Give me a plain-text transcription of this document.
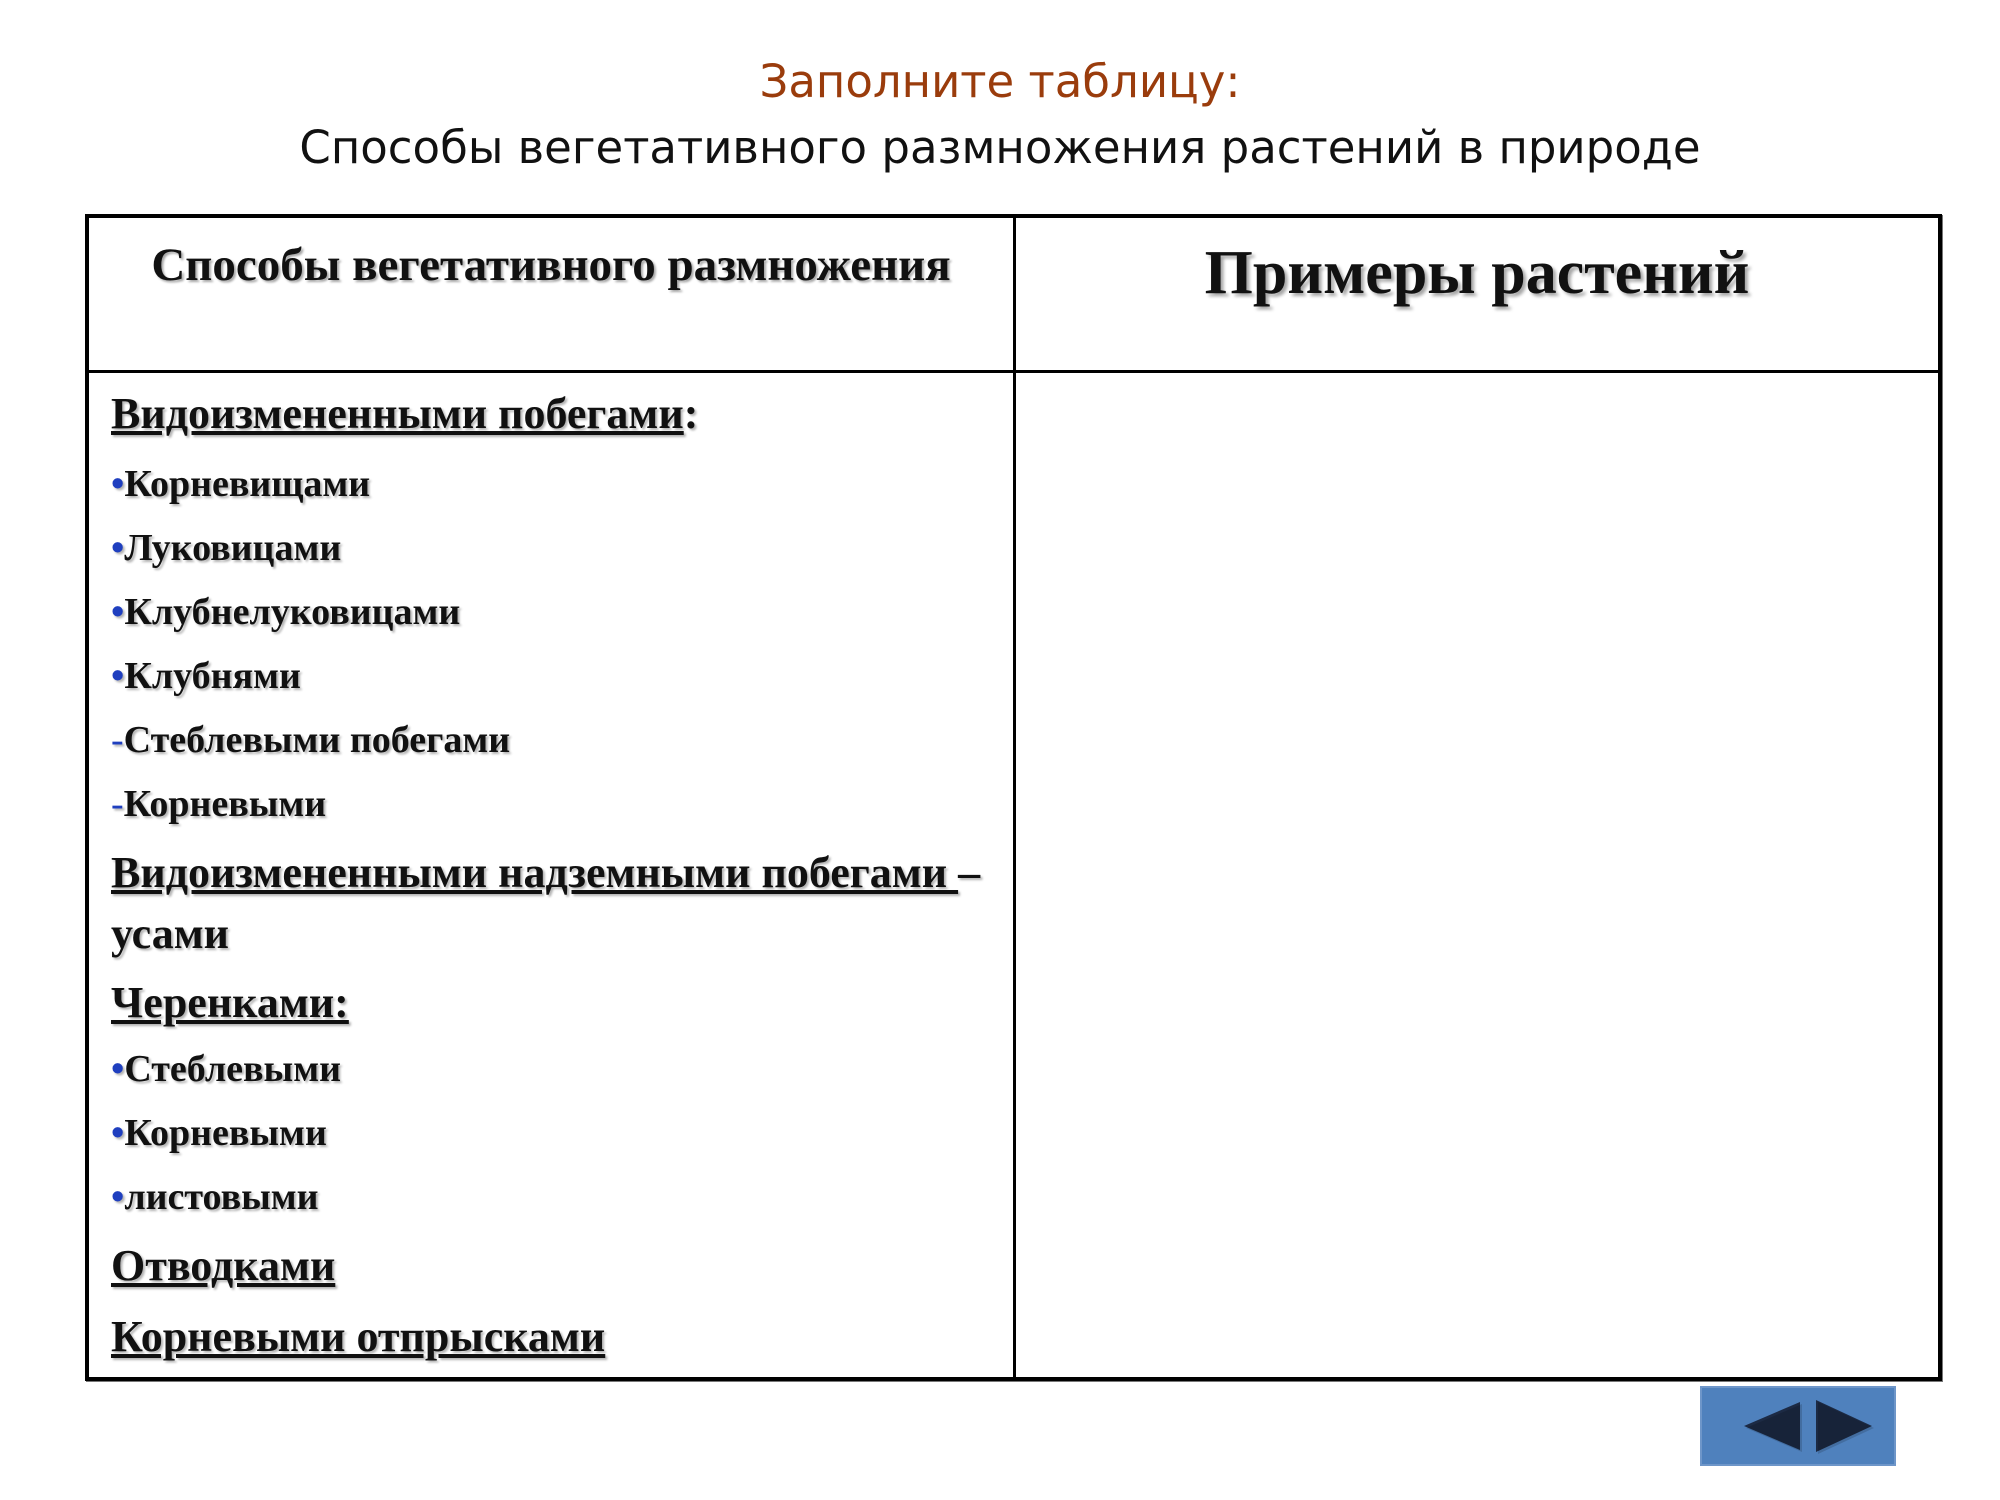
Заполните таблицу:
Способы вегетативного размножения растений в природе
Способы вегетативного размножения	Примеры растений
Видоизмененными побегами:
•Корневищами
•Луковицами
•Клубнелуковицами
•Клубнями
-Стеблевыми побегами
-Корневыми
Видоизмененными надземными побегами – усами
Черенками:
•Стеблевыми
•Корневыми
•листовыми
Отводками
Корневыми отпрысками
